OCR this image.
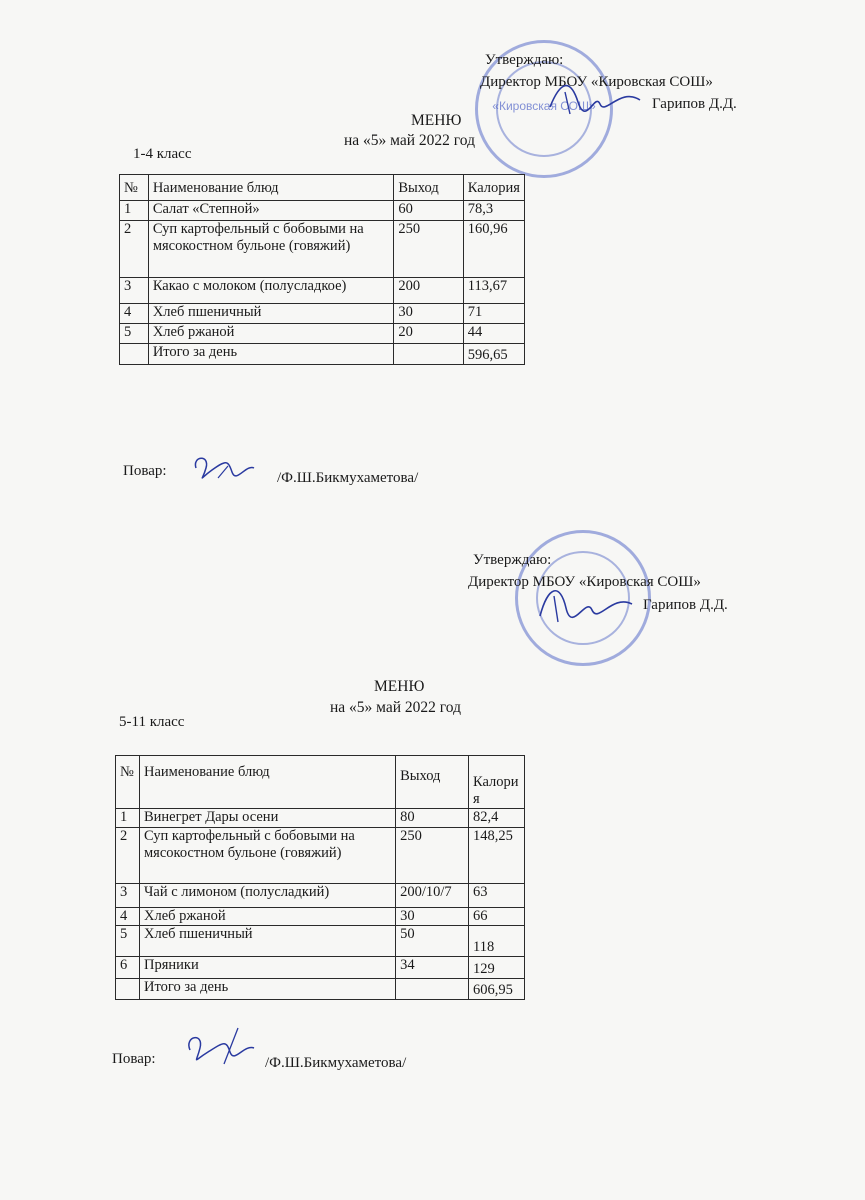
«Кировская СОШ»
Утверждаю:
Директор МБОУ «Кировская СОШ»
Гарипов Д.Д.
МЕНЮ
на «5» май 2022 год
1-4 класс
№	Наименование блюд	Выход	Калория
1	Салат «Степной»	60	78,3
2	Суп картофельный с бобовыми на мясокостном бульоне (говяжий)	250	160,96
3	Какао с молоком (полусладкое)	200	113,67
4	Хлеб пшеничный	30	71
5	Хлеб ржаной	20	44
	Итого за день		596,65
Повар:	/Ф.Ш.Бикмухаметова/
Утверждаю:
Директор МБОУ «Кировская СОШ»
Гарипов Д.Д.
МЕНЮ
на «5» май 2022 год
5-11 класс
№	Наименование блюд	Выход	Калория
1	Винегрет Дары осени	80	82,4
2	Суп картофельный с бобовыми на мясокостном бульоне (говяжий)	250	148,25
3	Чай с лимоном (полусладкий)	200/10/7	63
4	Хлеб ржаной	30	66
5	Хлеб пшеничный	50	118
6	Пряники	34	129
	Итого за день		606,95
Повар:	/Ф.Ш.Бикмухаметова/
